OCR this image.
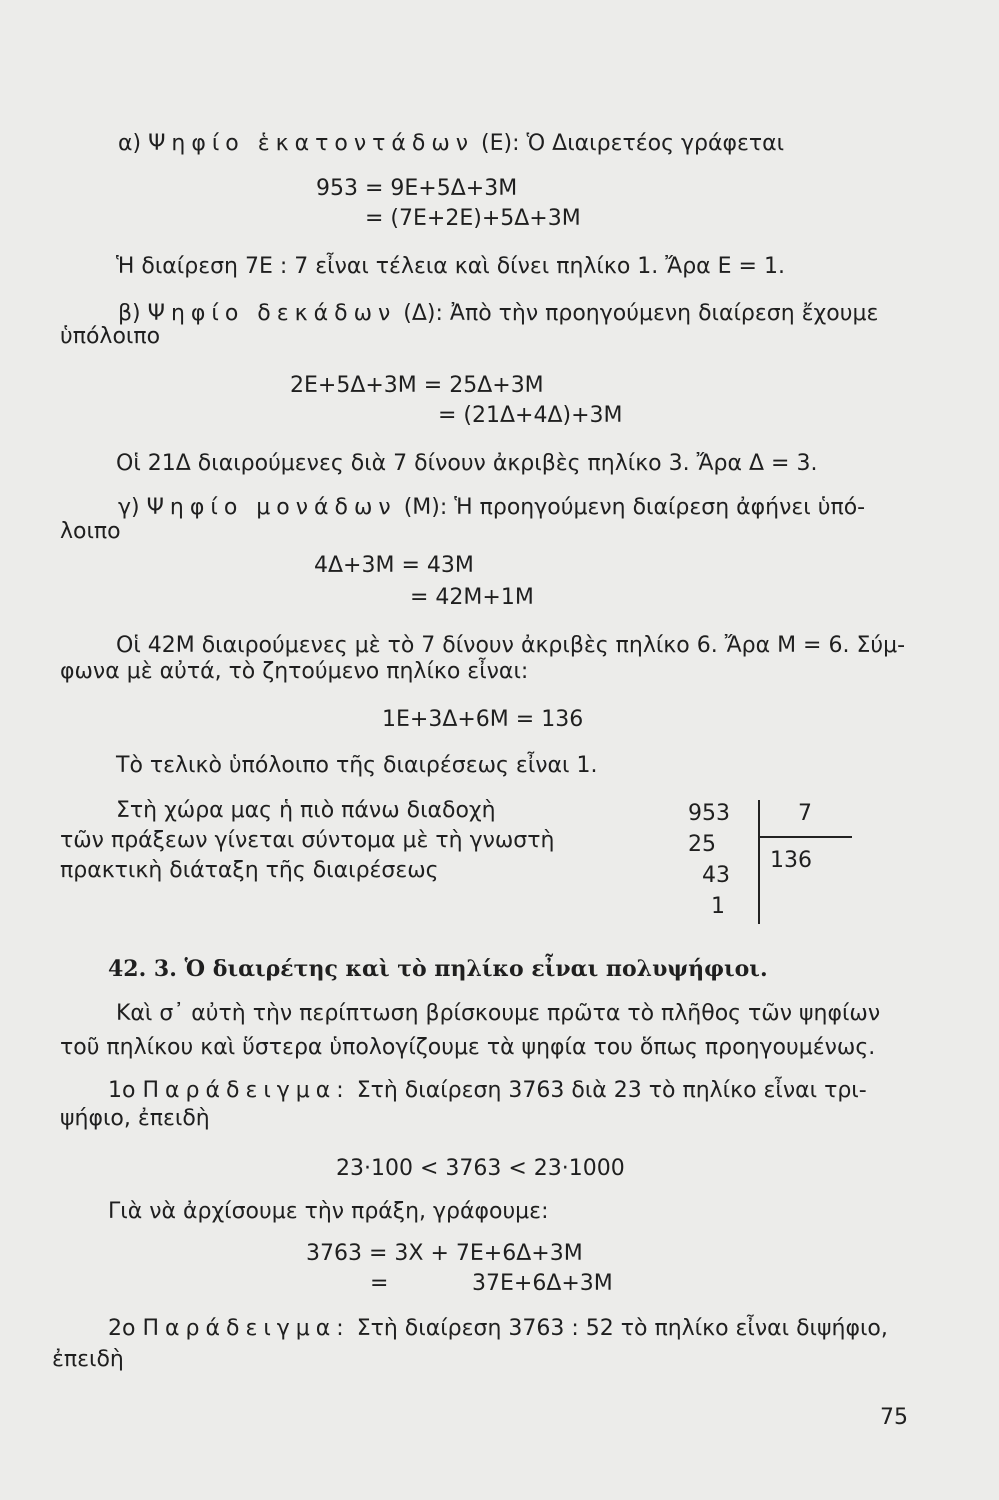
α) Ψηφίο ἑκατοντάδων (Ε): Ὁ Διαιρετέος γράφεται
953 = 9Ε+5Δ+3Μ
= (7Ε+2Ε)+5Δ+3Μ
Ἡ διαίρεση 7Ε : 7 εἶναι τέλεια καὶ δίνει πηλίκο 1. Ἄρα Ε = 1.
β) Ψηφίο δεκάδων (Δ): Ἀπὸ τὴν προηγούμενη διαίρεση ἔχουμε
ὑπόλοιπο
2Ε+5Δ+3Μ = 25Δ+3Μ
= (21Δ+4Δ)+3Μ
Οἱ 21Δ διαιρούμενες διὰ 7 δίνουν ἀκριβὲς πηλίκο 3. Ἄρα Δ = 3.
γ) Ψηφίο μονάδων (Μ): Ἡ προηγούμενη διαίρεση ἀφήνει ὑπό-
λοιπο
4Δ+3Μ = 43Μ
= 42Μ+1Μ
Οἱ 42Μ διαιρούμενες μὲ τὸ 7 δίνουν ἀκριβὲς πηλίκο 6. Ἄρα Μ = 6. Σύμ-
φωνα μὲ αὐτά, τὸ ζητούμενο πηλίκο εἶναι:
1Ε+3Δ+6Μ = 136
Τὸ τελικὸ ὑπόλοιπο τῆς διαιρέσεως εἶναι 1.
Στὴ χώρα μας ἡ πιὸ πάνω διαδοχὴ
τῶν πράξεων γίνεται σύντομα μὲ τὴ γνωστὴ
πρακτικὴ διάταξη τῆς διαιρέσεως
953
25
43
1
7
136
42. 3. Ὁ διαιρέτης καὶ τὸ πηλίκο εἶναι πολυψήφιοι.
Καὶ σ᾽ αὐτὴ τὴν περίπτωση βρίσκουμε πρῶτα τὸ πλῆθος τῶν ψηφίων
τοῦ πηλίκου καὶ ὕστερα ὑπολογίζουμε τὰ ψηφία του ὅπως προηγουμένως.
1ο Παράδειγμα: Στὴ διαίρεση 3763 διὰ 23 τὸ πηλίκο εἶναι τρι-
ψήφιο, ἐπειδὴ
23·100 < 3763 < 23·1000
Γιὰ νὰ ἀρχίσουμε τὴν πράξη, γράφουμε:
3763 = 3Χ + 7Ε+6Δ+3Μ
=	37Ε+6Δ+3Μ
2ο Παράδειγμα: Στὴ διαίρεση 3763 : 52 τὸ πηλίκο εἶναι διψήφιο,
ἐπειδὴ
75
